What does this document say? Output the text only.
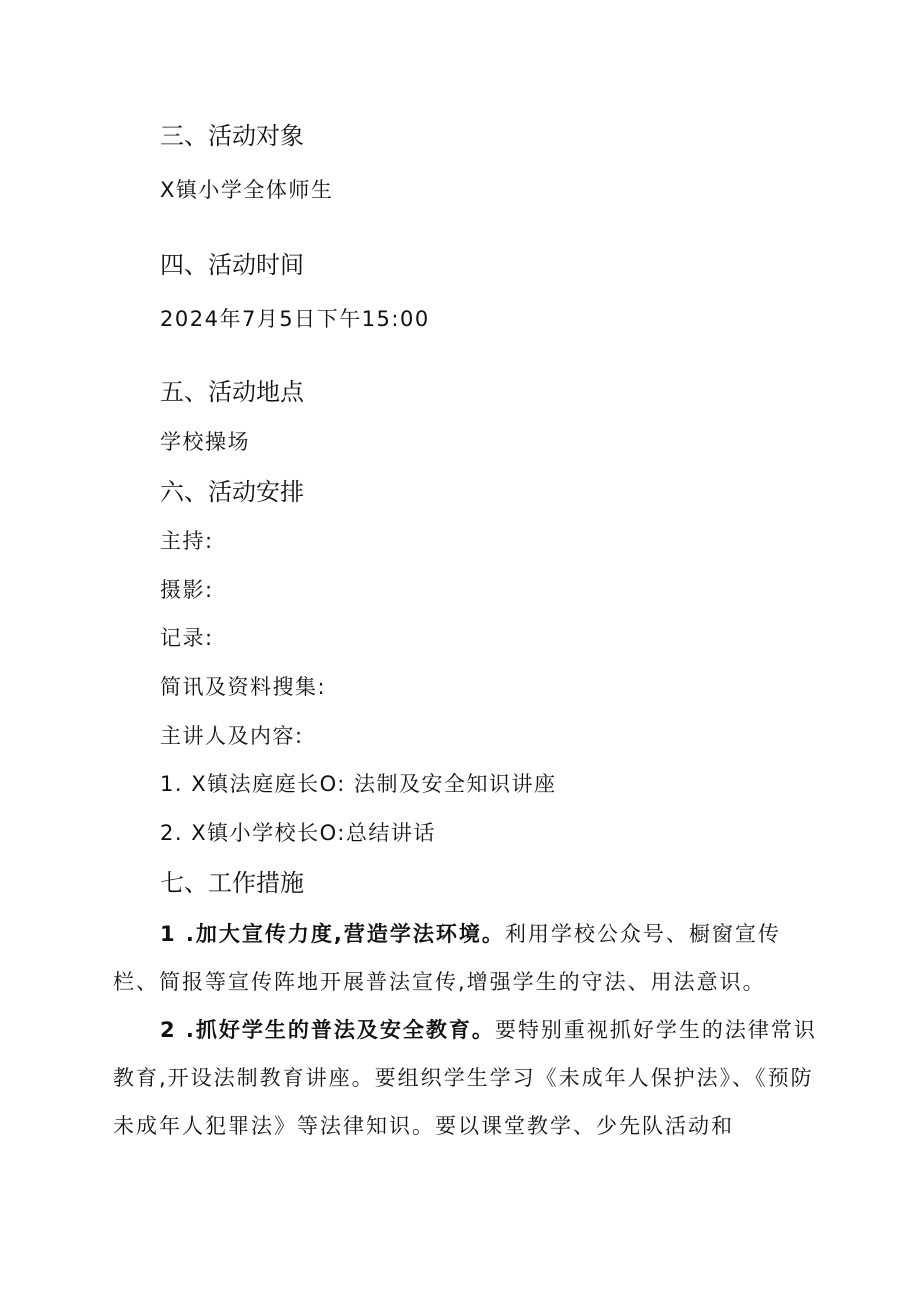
三、活动对象
X镇小学全体师生
四、活动时间
2024年7月5日下午15:00
五、活动地点
学校操场
六、活动安排
主持:
摄影:
记录:
简讯及资料搜集:
主讲人及内容:
1. X镇法庭庭长O: 法制及安全知识讲座
2. X镇小学校长O:总结讲话
七、工作措施

1 .加大宣传力度,营造学法环境。利用学校公众号、橱窗宣传栏、简报等宣传阵地开展普法宣传,增强学生的守法、用法意识。

2 .抓好学生的普法及安全教育。要特别重视抓好学生的法律常识教育,开设法制教育讲座。要组织学生学习《未成年人保护法》、《预防未成年人犯罪法》等法律知识。要以课堂教学、少先队活动和
